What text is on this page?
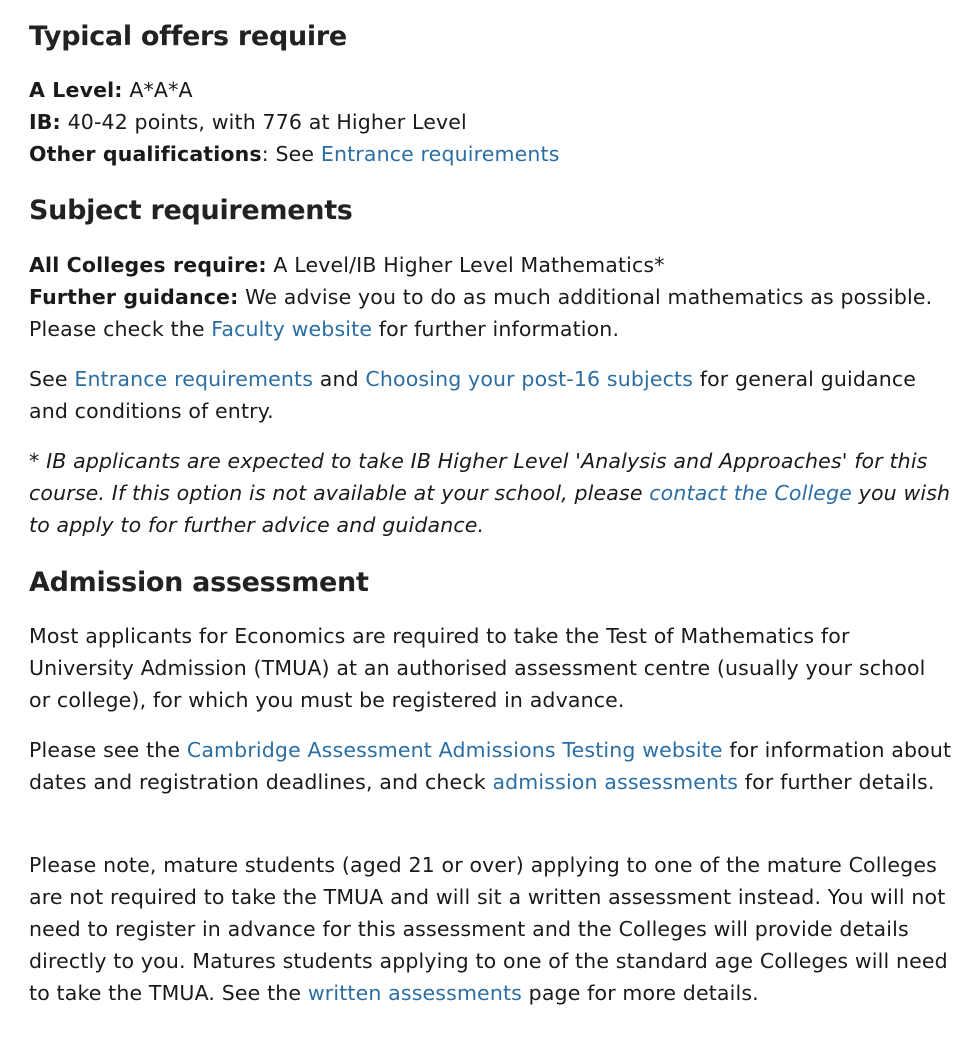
Typical offers require

A Level: A*A*A
IB: 40-42 points, with 776 at Higher Level
Other qualifications: See Entrance requirements

Subject requirements

All Colleges require: A Level/IB Higher Level Mathematics*
Further guidance: We advise you to do as much additional mathematics as possible. Please check the Faculty website for further information.

See Entrance requirements and Choosing your post-16 subjects for general guidance and conditions of entry.

* IB applicants are expected to take IB Higher Level 'Analysis and Approaches' for this course. If this option is not available at your school, please contact the College you wish to apply to for further advice and guidance.

Admission assessment

Most applicants for Economics are required to take the Test of Mathematics for University Admission (TMUA) at an authorised assessment centre (usually your school or college), for which you must be registered in advance.

Please see the Cambridge Assessment Admissions Testing website for information about dates and registration deadlines, and check admission assessments for further details.

Please note, mature students (aged 21 or over) applying to one of the mature Colleges are not required to take the TMUA and will sit a written assessment instead. You will not need to register in advance for this assessment and the Colleges will provide details directly to you. Matures students applying to one of the standard age Colleges will need to take the TMUA. See the written assessments page for more details.
